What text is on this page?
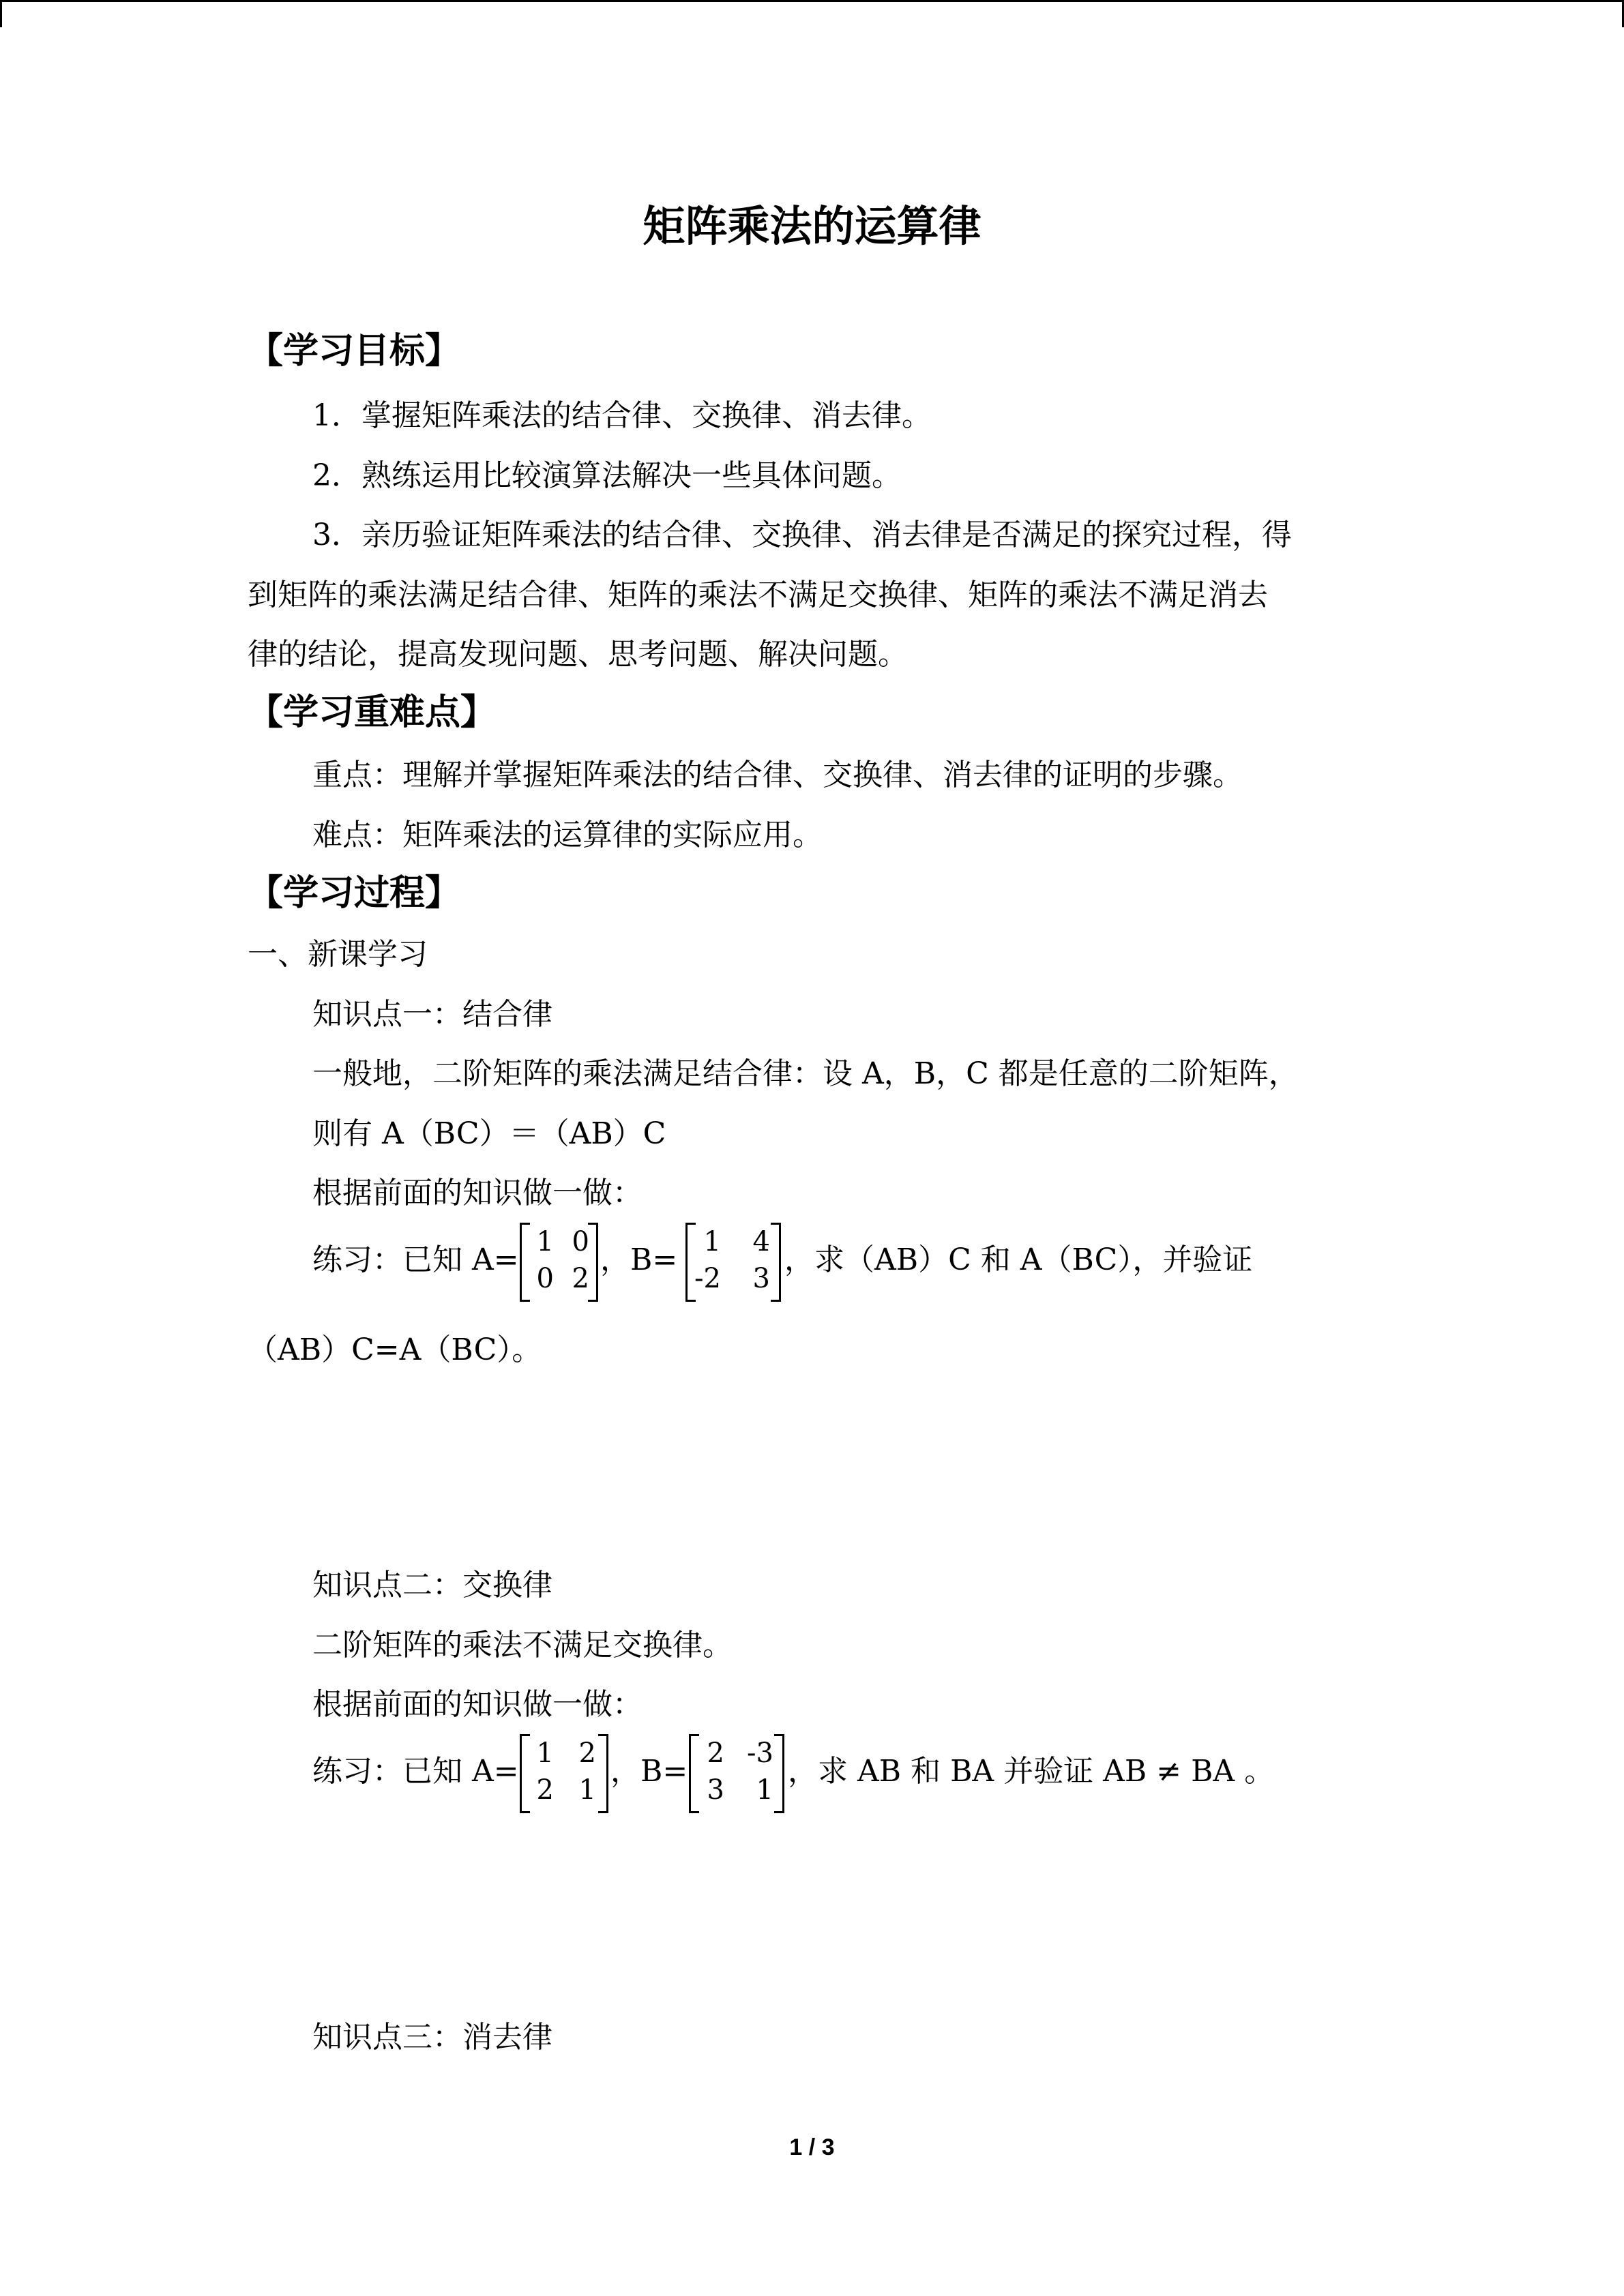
矩阵乘法的运算律
【学习目标】
1．掌握矩阵乘法的结合律、交换律、消去律。
2．熟练运用比较演算法解决一些具体问题。
3．亲历验证矩阵乘法的结合律、交换律、消去律是否满足的探究过程，得
到矩阵的乘法满足结合律、矩阵的乘法不满足交换律、矩阵的乘法不满足消去
律的结论，提高发现问题、思考问题、解决问题。
【学习重难点】
重点：理解并掌握矩阵乘法的结合律、交换律、消去律的证明的步骤。
难点：矩阵乘法的运算律的实际应用。
【学习过程】
一、新课学习
知识点一：结合律
一般地，二阶矩阵的乘法满足结合律：设 A，B，C 都是任意的二阶矩阵，
则有 A（BC）＝（AB）C
根据前面的知识做一做：
练习：已知 A=
1 0
0 2
，B=
1	4
-2	3
，求（AB）C 和 A（BC），并验证
（AB）C=A（BC）。
知识点二：交换律
二阶矩阵的乘法不满足交换律。
根据前面的知识做一做：
练习：已知 A=
1 2
2 1
，B=
2 -3
3	1
，求 AB 和 BA 并验证 AB ≠ BA 。
知识点三：消去律
1 / 3
